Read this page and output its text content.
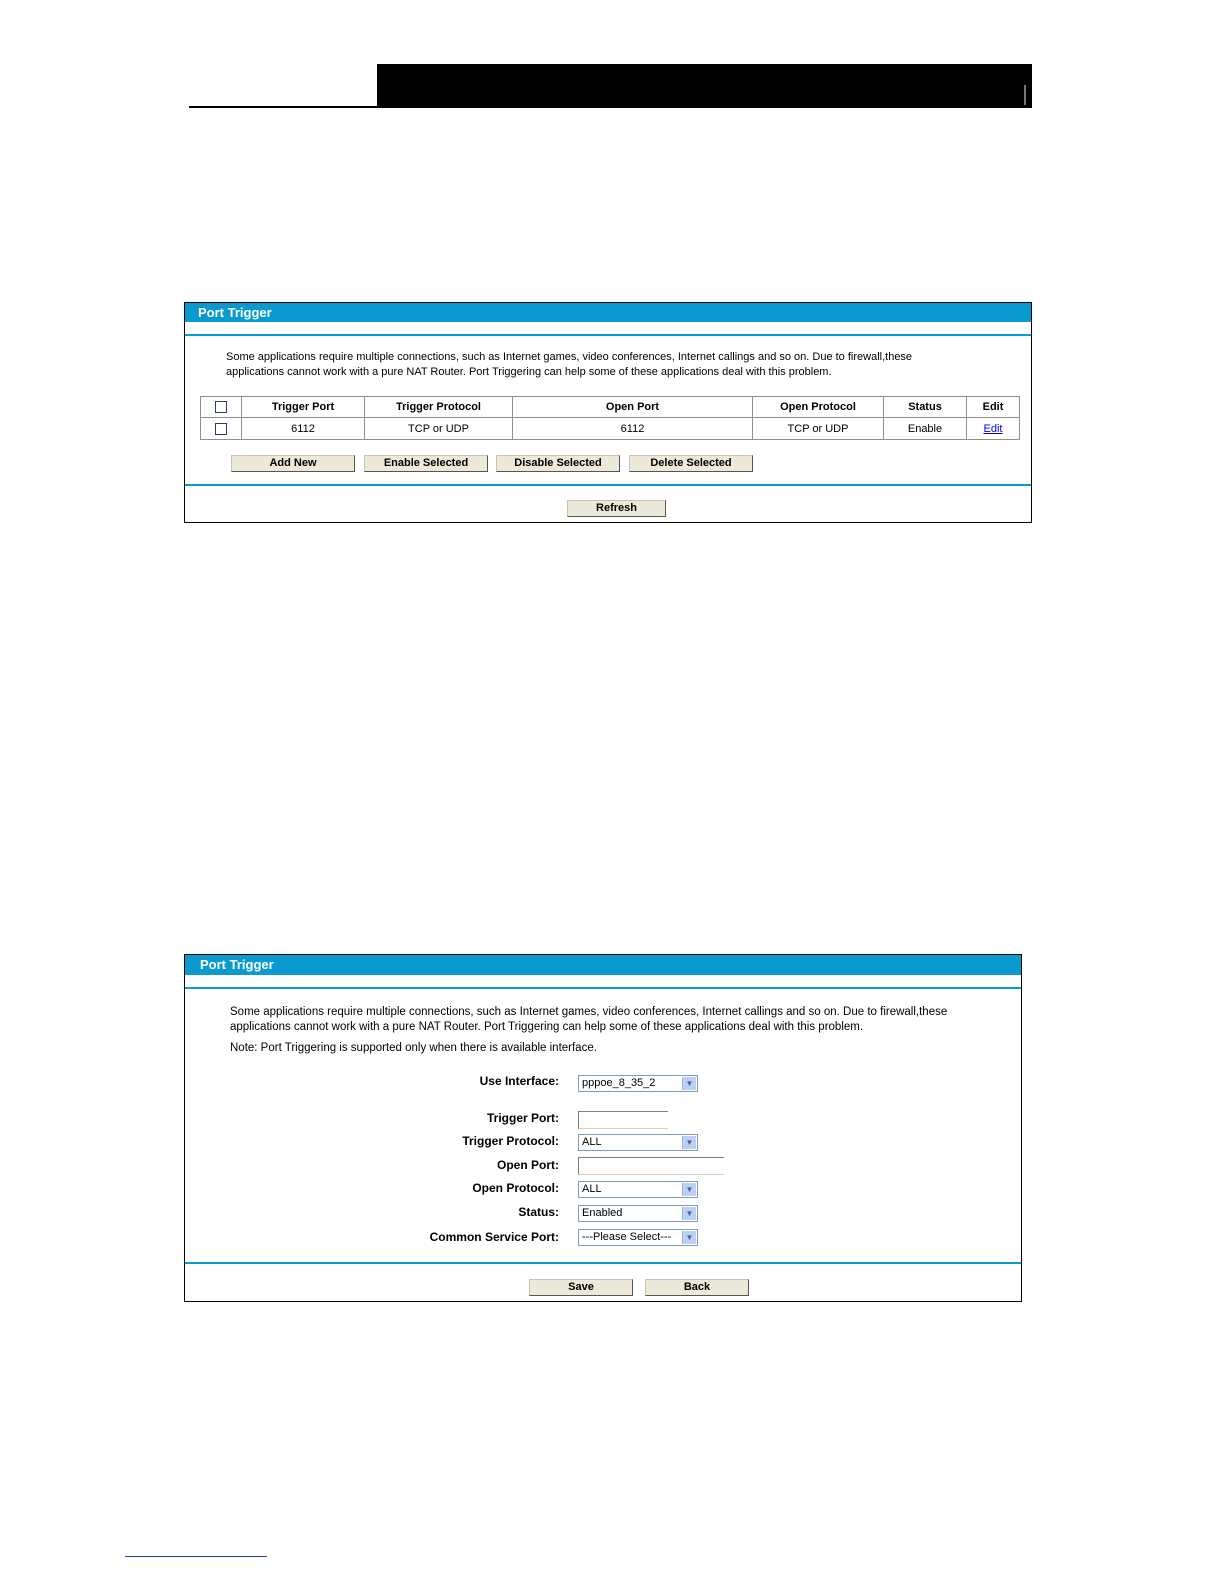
Port Trigger
Some applications require multiple connections, such as Internet games, video conferences, Internet callings and so on. Due to firewall,these
applications cannot work with a pure NAT Router. Port Triggering can help some of these applications deal with this problem.
	Trigger Port	Trigger Protocol	Open Port	Open Protocol	Status	Edit
	6112	TCP or UDP	6112	TCP or UDP	Enable	Edit
Add New	Enable Selected	Disable Selected	Delete Selected
Refresh
Port Trigger
Some applications require multiple connections, such as Internet games, video conferences, Internet callings and so on. Due to firewall,these
applications cannot work with a pure NAT Router. Port Triggering can help some of these applications deal with this problem.
Note: Port Triggering is supported only when there is available interface.
Use Interface:	pppoe_8_35_2	▼
Trigger Port:
Trigger Protocol:	ALL	▼
Open Port:
Open Protocol:	ALL	▼
Status:	Enabled	▼
Common Service Port:	---Please Select---	▼
Save	Back
